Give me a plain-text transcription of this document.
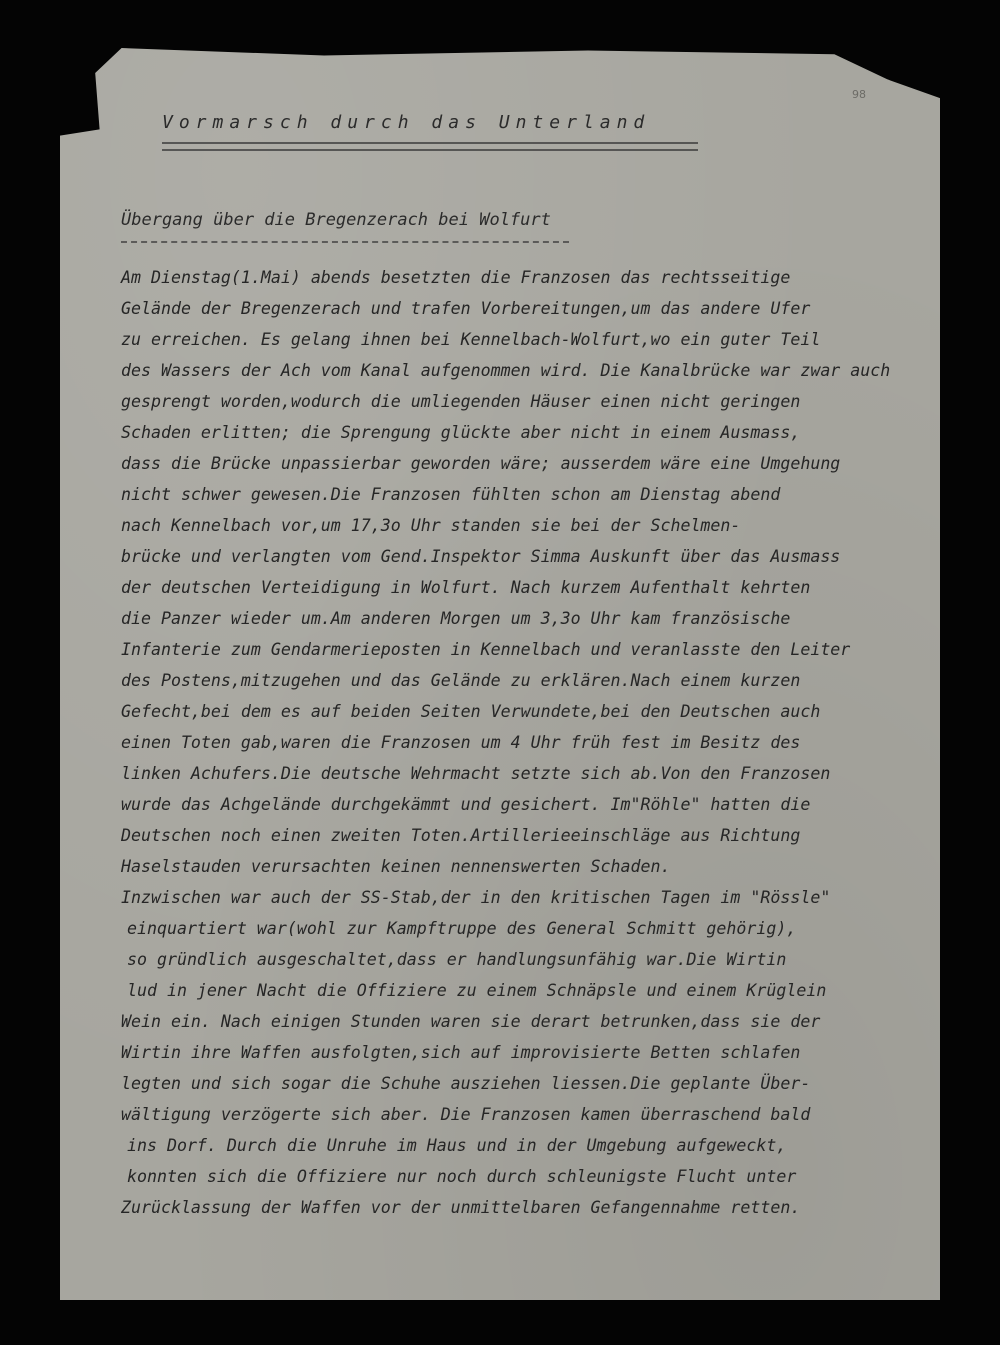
98
Vormarsch durch das Unterland
Übergang über die Bregenzerach bei Wolfurt
Am Dienstag(1.Mai) abends besetzten die Franzosen das rechtsseitige
Gelände der Bregenzerach und trafen Vorbereitungen,um das andere Ufer
zu erreichen. Es gelang ihnen bei Kennelbach-Wolfurt,wo ein guter Teil
des Wassers der Ach vom Kanal aufgenommen wird. Die Kanalbrücke war zwar auch
gesprengt worden,wodurch die umliegenden Häuser einen nicht geringen
Schaden erlitten; die Sprengung glückte aber nicht in einem Ausmass,
dass die Brücke unpassierbar geworden wäre; ausserdem wäre eine Umgehung
nicht schwer gewesen.Die Franzosen fühlten schon am Dienstag abend
nach Kennelbach vor,um 17,3o Uhr standen sie bei der Schelmen-
brücke und verlangten vom Gend.Inspektor Simma Auskunft über das Ausmass
der deutschen Verteidigung in Wolfurt. Nach kurzem Aufenthalt kehrten
die Panzer wieder um.Am anderen Morgen um 3,3o Uhr kam französische
Infanterie zum Gendarmerieposten in Kennelbach und veranlasste den Leiter
des Postens,mitzugehen und das Gelände zu erklären.Nach einem kurzen
Gefecht,bei dem es auf beiden Seiten Verwundete,bei den Deutschen auch
einen Toten gab,waren die Franzosen um 4 Uhr früh fest im Besitz des
linken Achufers.Die deutsche Wehrmacht setzte sich ab.Von den Franzosen
wurde das Achgelände durchgekämmt und gesichert. Im"Röhle" hatten die
Deutschen noch einen zweiten Toten.Artillerieeinschläge aus Richtung
Haselstauden verursachten keinen nennenswerten Schaden.
Inzwischen war auch der SS-Stab,der in den kritischen Tagen im "Rössle"
einquartiert war(wohl zur Kampftruppe des General Schmitt gehörig),
so gründlich ausgeschaltet,dass er handlungsunfähig war.Die Wirtin
lud in jener Nacht die Offiziere zu einem Schnäpsle und einem Krüglein
Wein ein. Nach einigen Stunden waren sie derart betrunken,dass sie der
Wirtin ihre Waffen ausfolgten,sich auf improvisierte Betten schlafen
legten und sich sogar die Schuhe ausziehen liessen.Die geplante Über-
wältigung verzögerte sich aber. Die Franzosen kamen überraschend bald
ins Dorf. Durch die Unruhe im Haus und in der Umgebung aufgeweckt,
konnten sich die Offiziere nur noch durch schleunigste Flucht unter
Zurücklassung der Waffen vor der unmittelbaren Gefangennahme retten.
